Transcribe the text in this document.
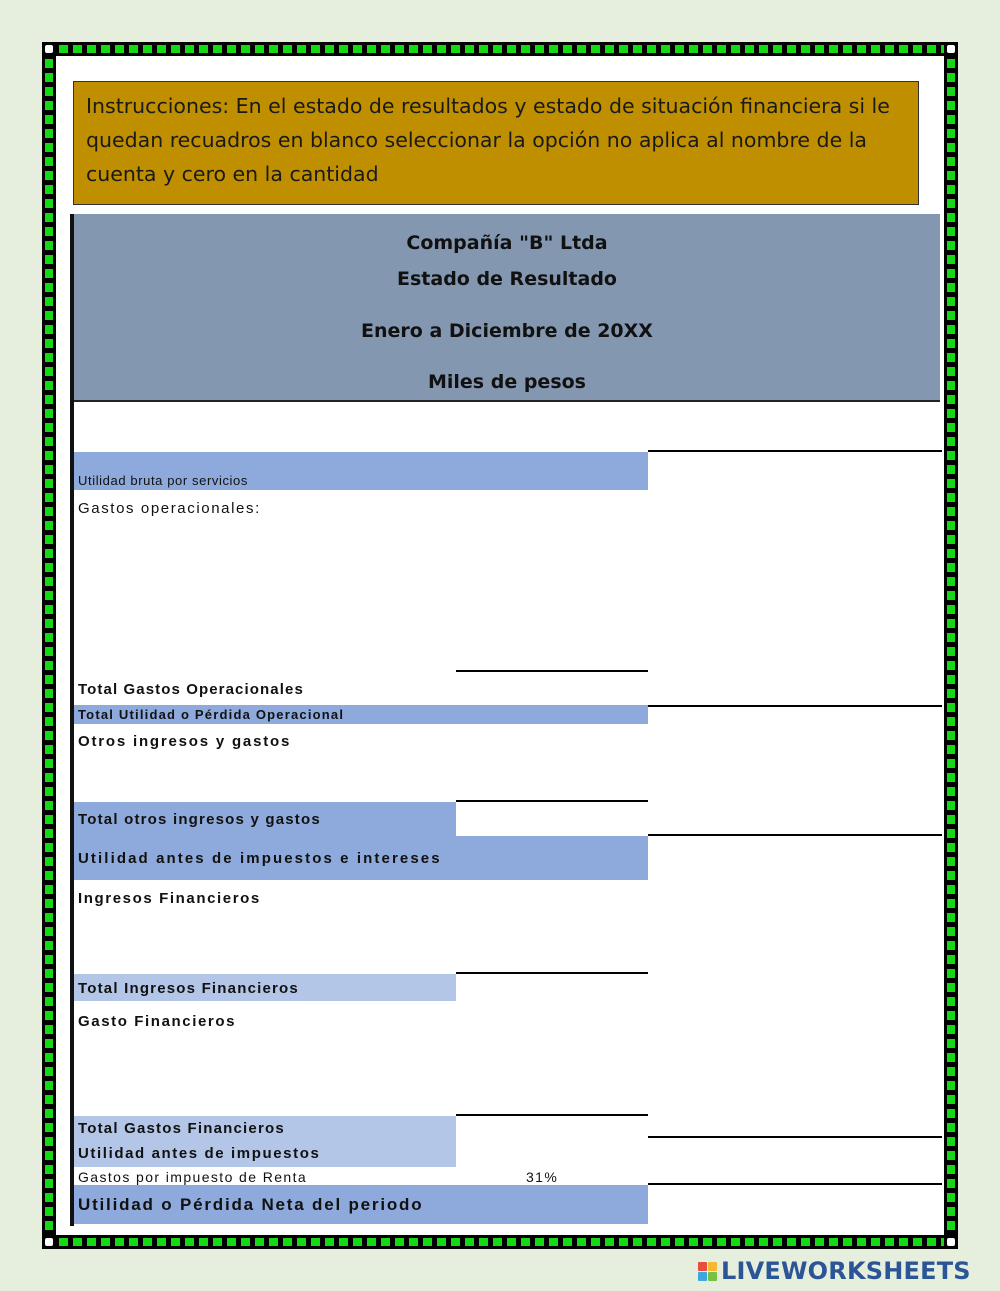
Instrucciones: En el estado de resultados y estado de situación financiera si le quedan recuadros en blanco seleccionar la opción no aplica al nombre de la cuenta y cero en la cantidad
Compañía "B" Ltda
Estado de Resultado
Enero a Diciembre de 20XX
Miles de pesos
Utilidad bruta por servicios
Gastos operacionales:
Total Gastos Operacionales
Total Utilidad o Pérdida Operacional
Otros ingresos y gastos
Total otros ingresos y gastos
Utilidad antes de impuestos e intereses
Ingresos Financieros
Total Ingresos Financieros
Gasto Financieros
Total Gastos Financieros
Utilidad antes de impuestos
Gastos por impuesto de Renta	31%
Utilidad o Pérdida Neta del periodo
LIVEWORKSHEETS
